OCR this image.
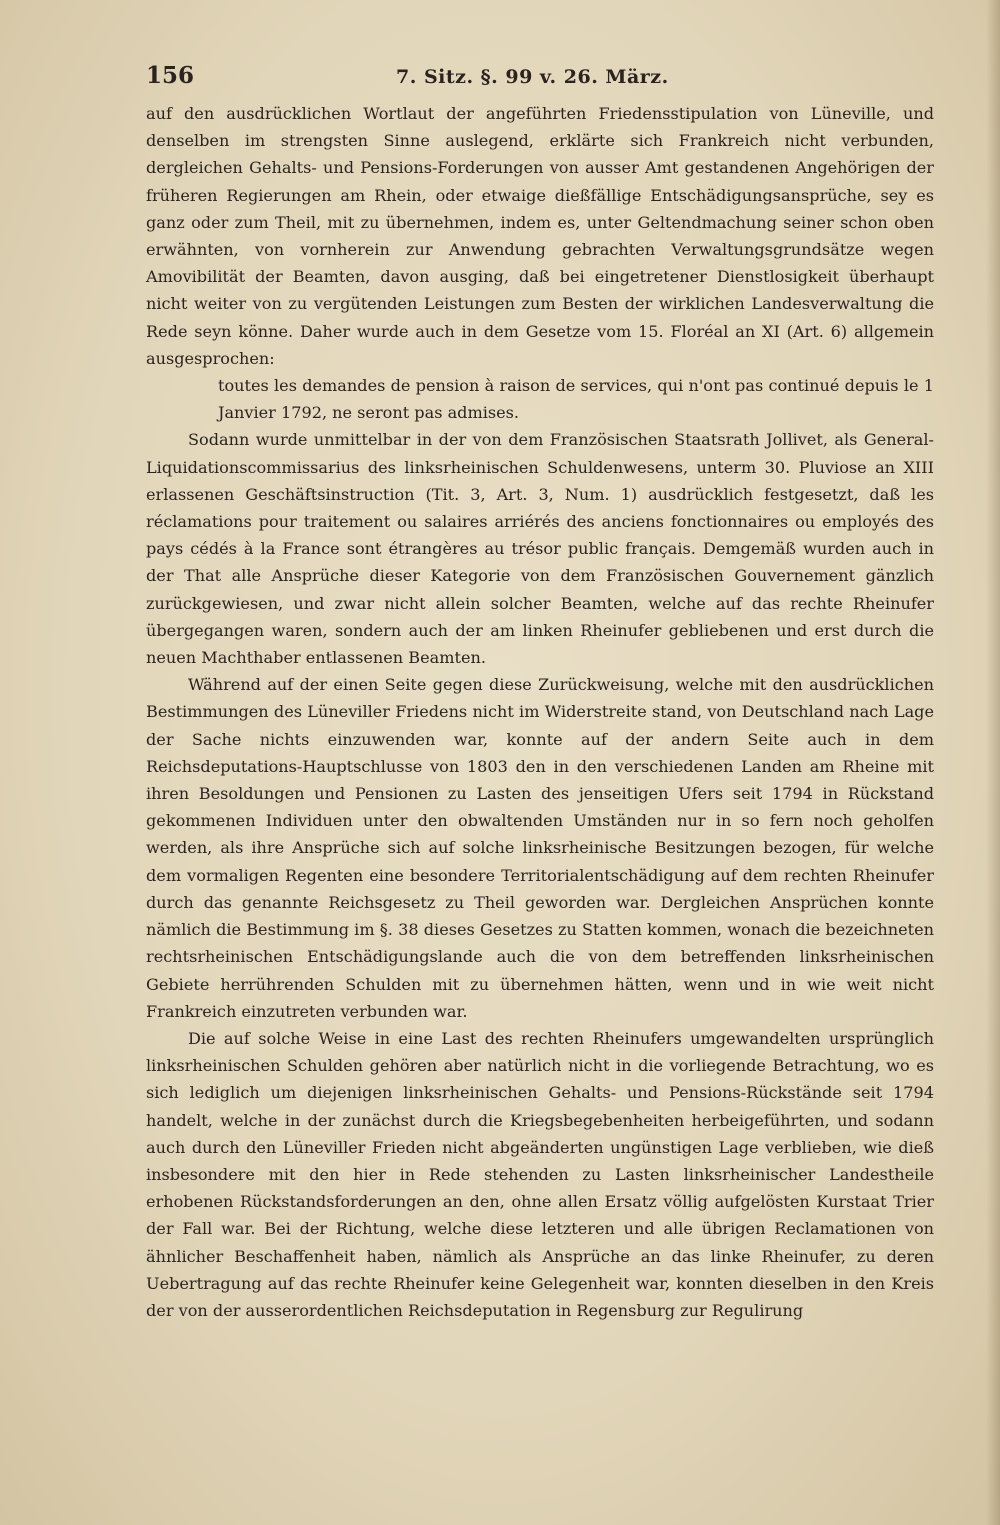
156	7. Sitz. §. 99 v. 26. März.

auf den ausdrücklichen Wortlaut der angeführten Friedensstipulation von Lüneville, und denselben im strengsten Sinne auslegend, erklärte sich Frankreich nicht verbunden, dergleichen Gehalts- und Pensions-Forderungen von ausser Amt gestandenen Angehörigen der früheren Regierungen am Rhein, oder etwaige dießfällige Entschädigungsansprüche, sey es ganz oder zum Theil, mit zu übernehmen, indem es, unter Geltendmachung seiner schon oben erwähnten, von vornherein zur Anwendung gebrachten Verwaltungsgrundsätze wegen Amovibilität der Beamten, davon ausging, daß bei eingetretener Dienstlosigkeit überhaupt nicht weiter von zu vergütenden Leistungen zum Besten der wirklichen Landesverwaltung die Rede seyn könne. Daher wurde auch in dem Gesetze vom 15. Floréal an XI (Art. 6) allgemein ausgesprochen:

toutes les demandes de pension à raison de services, qui n'ont pas continué depuis le 1 Janvier 1792, ne seront pas admises.

Sodann wurde unmittelbar in der von dem Französischen Staatsrath Jollivet, als General-Liquidationscommissarius des linksrheinischen Schuldenwesens, unterm 30. Pluviose an XIII erlassenen Geschäftsinstruction (Tit. 3, Art. 3, Num. 1) ausdrücklich festgesetzt, daß les réclamations pour traitement ou salaires arriérés des anciens fonctionnaires ou employés des pays cédés à la France sont étrangères au trésor public français. Demgemäß wurden auch in der That alle Ansprüche dieser Kategorie von dem Französischen Gouvernement gänzlich zurückgewiesen, und zwar nicht allein solcher Beamten, welche auf das rechte Rheinufer übergegangen waren, sondern auch der am linken Rheinufer gebliebenen und erst durch die neuen Machthaber entlassenen Beamten.

Während auf der einen Seite gegen diese Zurückweisung, welche mit den ausdrücklichen Bestimmungen des Lüneviller Friedens nicht im Widerstreite stand, von Deutschland nach Lage der Sache nichts einzuwenden war, konnte auf der andern Seite auch in dem Reichsdeputations-Hauptschlusse von 1803 den in den verschiedenen Landen am Rheine mit ihren Besoldungen und Pensionen zu Lasten des jenseitigen Ufers seit 1794 in Rückstand gekommenen Individuen unter den obwaltenden Umständen nur in so fern noch geholfen werden, als ihre Ansprüche sich auf solche linksrheinische Besitzungen bezogen, für welche dem vormaligen Regenten eine besondere Territorialentschädigung auf dem rechten Rheinufer durch das genannte Reichsgesetz zu Theil geworden war. Dergleichen Ansprüchen konnte nämlich die Bestimmung im §. 38 dieses Gesetzes zu Statten kommen, wonach die bezeichneten rechtsrheinischen Entschädigungslande auch die von dem betreffenden linksrheinischen Gebiete herrührenden Schulden mit zu übernehmen hätten, wenn und in wie weit nicht Frankreich einzutreten verbunden war.

Die auf solche Weise in eine Last des rechten Rheinufers umgewandelten ursprünglich linksrheinischen Schulden gehören aber natürlich nicht in die vorliegende Betrachtung, wo es sich lediglich um diejenigen linksrheinischen Gehalts- und Pensions-Rückstände seit 1794 handelt, welche in der zunächst durch die Kriegsbegebenheiten herbeigeführten, und sodann auch durch den Lüneviller Frieden nicht abgeänderten ungünstigen Lage verblieben, wie dieß insbesondere mit den hier in Rede stehenden zu Lasten linksrheinischer Landestheile erhobenen Rückstandsforderungen an den, ohne allen Ersatz völlig aufgelösten Kurstaat Trier der Fall war. Bei der Richtung, welche diese letzteren und alle übrigen Reclamationen von ähnlicher Beschaffenheit haben, nämlich als Ansprüche an das linke Rheinufer, zu deren Uebertragung auf das rechte Rheinufer keine Gelegenheit war, konnten dieselben in den Kreis der von der ausserordentlichen Reichsdeputation in Regensburg zur Regulirung
